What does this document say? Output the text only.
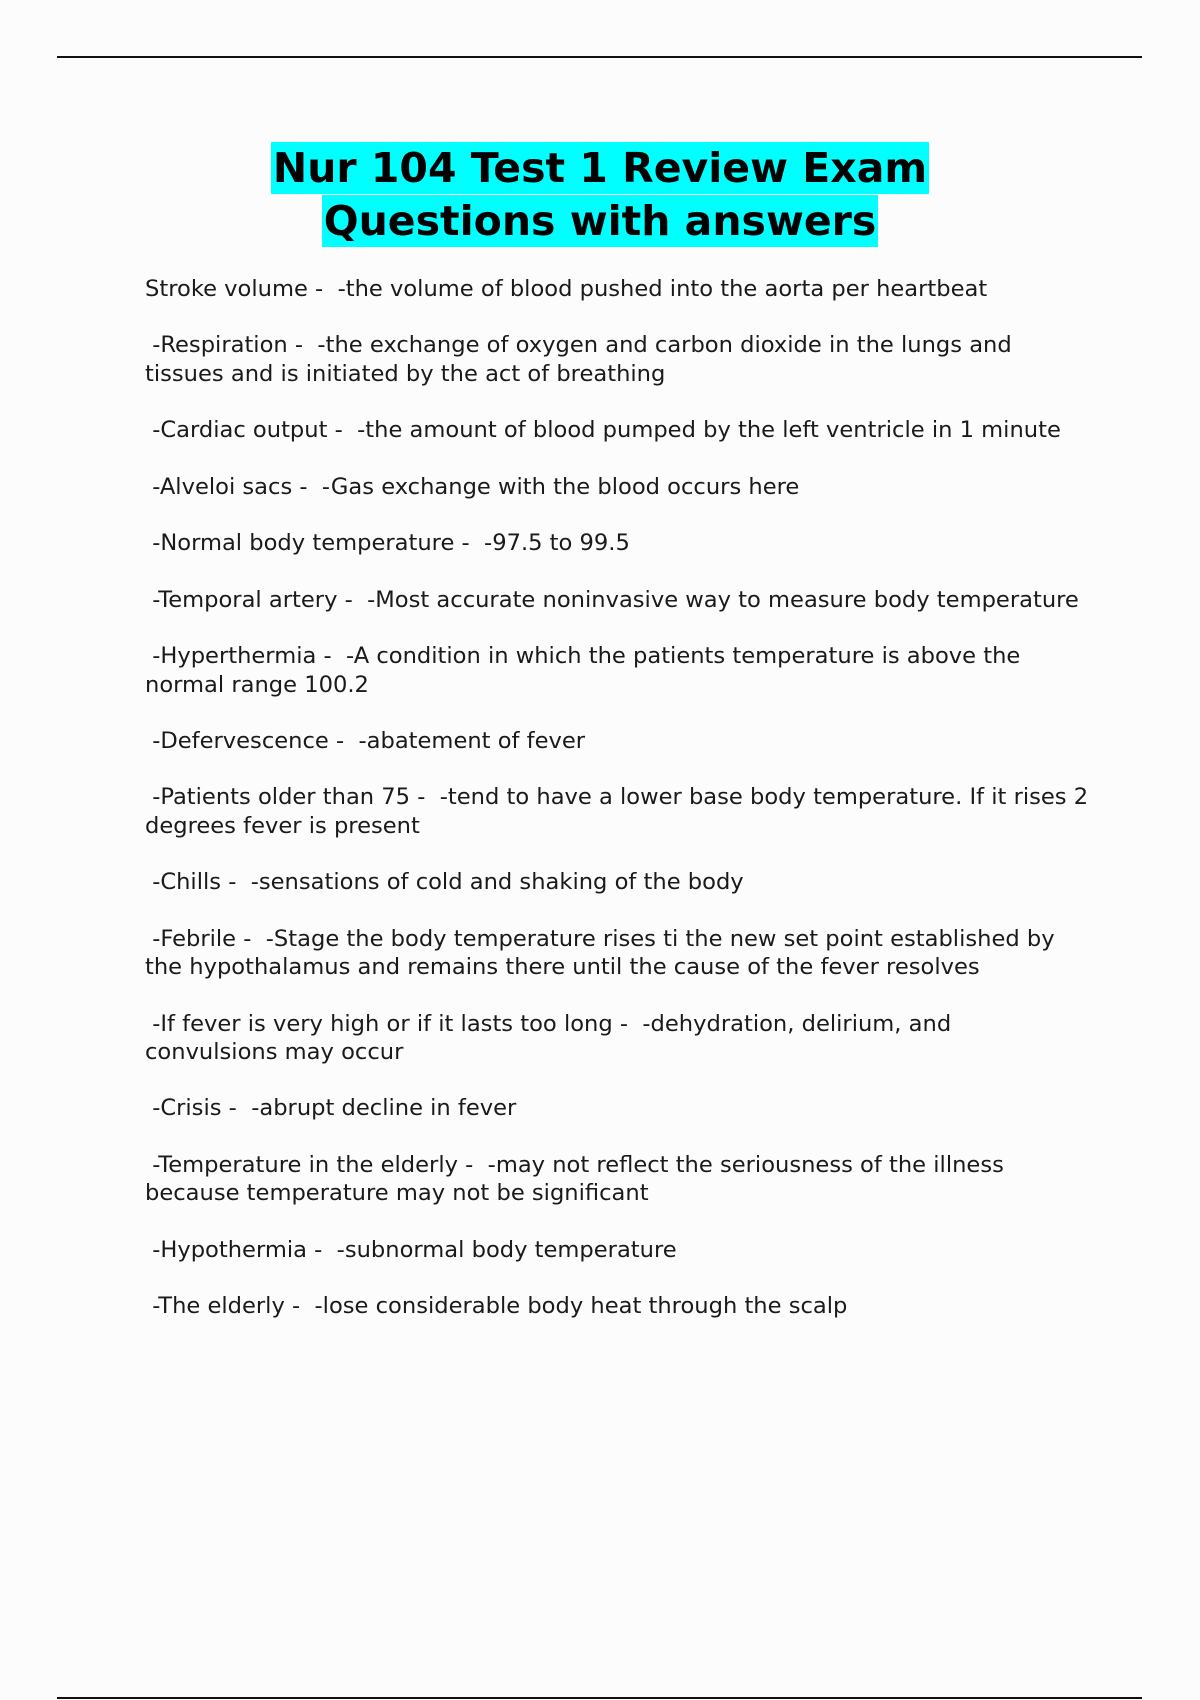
Nur 104 Test 1 Review Exam
Questions with answers

Stroke volume -  -the volume of blood pushed into the aorta per heartbeat

-Respiration -  -the exchange of oxygen and carbon dioxide in the lungs and tissues and is initiated by the act of breathing

-Cardiac output -  -the amount of blood pumped by the left ventricle in 1 minute

-Alveloi sacs -  -Gas exchange with the blood occurs here

-Normal body temperature -  -97.5 to 99.5

-Temporal artery -  -Most accurate noninvasive way to measure body temperature

-Hyperthermia -  -A condition in which the patients temperature is above the normal range 100.2

-Defervescence -  -abatement of fever

-Patients older than 75 -  -tend to have a lower base body temperature. If it rises 2 degrees fever is present

-Chills -  -sensations of cold and shaking of the body

-Febrile -  -Stage the body temperature rises ti the new set point established by the hypothalamus and remains there until the cause of the fever resolves

-If fever is very high or if it lasts too long -  -dehydration, delirium, and convulsions may occur

-Crisis -  -abrupt decline in fever

-Temperature in the elderly -  -may not reflect the seriousness of the illness because temperature may not be significant

-Hypothermia -  -subnormal body temperature

-The elderly -  -lose considerable body heat through the scalp
